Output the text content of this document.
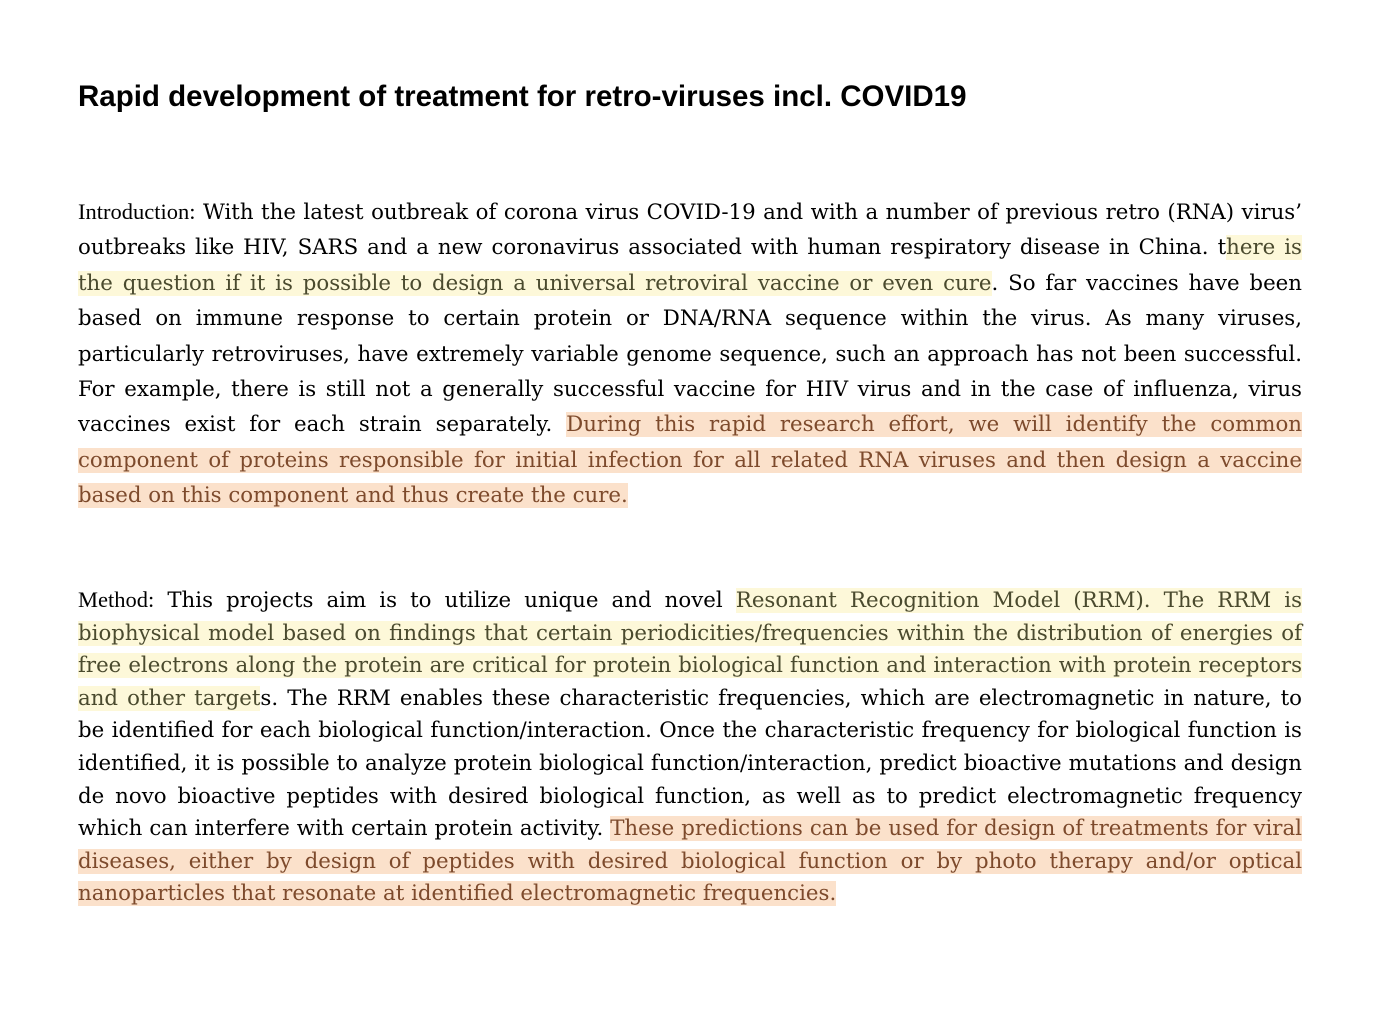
Rapid development of treatment for retro-viruses incl. COVID19

Introduction: With the latest outbreak of corona virus COVID-19 and with a number of previous retro (RNA) virus’ outbreaks like HIV, SARS and a new coronavirus associated with human respiratory disease in China. there is the question if it is possible to design a universal retroviral vaccine or even cure. So far vaccines have been based on immune response to certain protein or DNA/RNA sequence within the virus. As many viruses, particularly retroviruses, have extremely variable genome sequence, such an approach has not been successful. For example, there is still not a generally successful vaccine for HIV virus and in the case of influenza, virus vaccines exist for each strain separately. During this rapid research effort, we will identify the common component of proteins responsible for initial infection for all related RNA viruses and then design a vaccine based on this component and thus create the cure.

Method: This projects aim is to utilize unique and novel Resonant Recognition Model (RRM). The RRM is biophysical model based on findings that certain periodicities/frequencies within the distribution of energies of free electrons along the protein are critical for protein biological function and interaction with protein receptors and other targets. The RRM enables these characteristic frequencies, which are electromagnetic in nature, to be identified for each biological function/interaction. Once the characteristic frequency for biological function is identified, it is possible to analyze protein biological function/interaction, predict bioactive mutations and design de novo bioactive peptides with desired biological function, as well as to predict electromagnetic frequency which can interfere with certain protein activity. These predictions can be used for design of treatments for viral diseases, either by design of peptides with desired biological function or by photo therapy and/or optical nanoparticles that resonate at identified electromagnetic frequencies.
